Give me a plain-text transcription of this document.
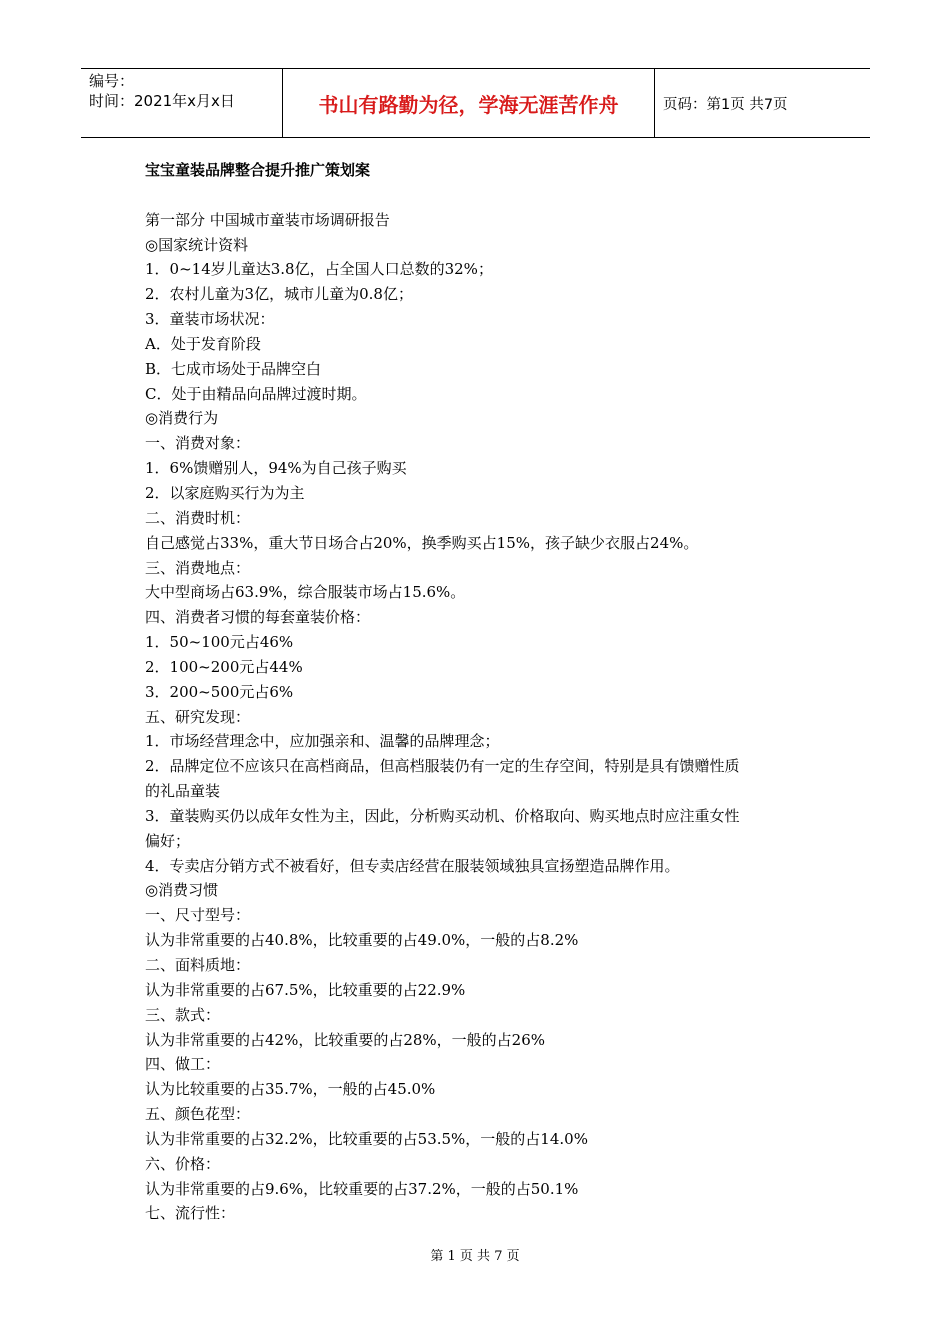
编号：
时间：2021年x月x日	书山有路勤为径，学海无涯苦作舟	页码：第1页 共7页

宝宝童装品牌整合提升推广策划案

第一部分 中国城市童装市场调研报告

◎国家统计资料

1．0~14岁儿童达3.8亿，占全国人口总数的32%；

2．农村儿童为3亿，城市儿童为0.8亿；

3．童装市场状况：

A．处于发育阶段

B．七成市场处于品牌空白

C．处于由精品向品牌过渡时期。

◎消费行为

一、消费对象：

1．6%馈赠别人，94%为自己孩子购买

2．以家庭购买行为为主

二、消费时机：

自己感觉占33%，重大节日场合占20%，换季购买占15%，孩子缺少衣服占24%。

三、消费地点：

大中型商场占63.9%，综合服装市场占15.6%。

四、消费者习惯的每套童装价格：

1．50~100元占46%

2．100~200元占44%

3．200~500元占6%

五、研究发现：

1．市场经营理念中，应加强亲和、温馨的品牌理念；

2．品牌定位不应该只在高档商品，但高档服装仍有一定的生存空间，特别是具有馈赠性质

的礼品童装

3．童装购买仍以成年女性为主，因此，分析购买动机、价格取向、购买地点时应注重女性

偏好；

4．专卖店分销方式不被看好，但专卖店经营在服装领域独具宣扬塑造品牌作用。

◎消费习惯

一、尺寸型号：

认为非常重要的占40.8%，比较重要的占49.0%，一般的占8.2%

二、面料质地：

认为非常重要的占67.5%，比较重要的占22.9%

三、款式：

认为非常重要的占42%，比较重要的占28%，一般的占26%

四、做工：

认为比较重要的占35.7%，一般的占45.0%

五、颜色花型：

认为非常重要的占32.2%，比较重要的占53.5%，一般的占14.0%

六、价格：

认为非常重要的占9.6%，比较重要的占37.2%，一般的占50.1%

七、流行性：

第 1 页 共 7 页
